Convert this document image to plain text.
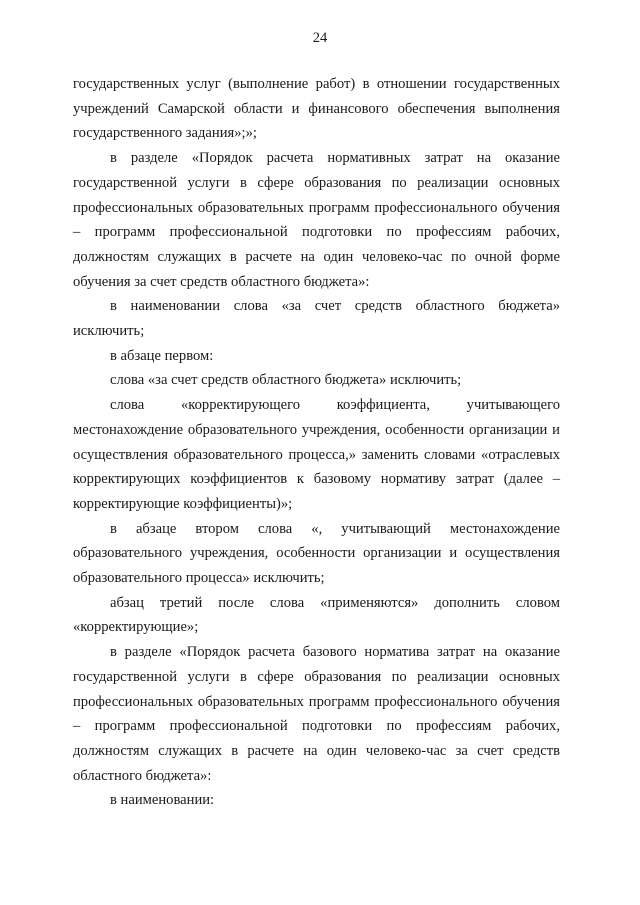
24

государственных услуг (выполнение работ) в отношении государственных учреждений Самарской области и финансового обеспечения выполнения государственного задания»;»;

в разделе «Порядок расчета нормативных затрат на оказание государственной услуги в сфере образования по реализации основных профессиональных образовательных программ профессионального обучения – программ профессиональной подготовки по профессиям рабочих, должностям служащих в расчете на один человеко-час по очной форме обучения за счет средств областного бюджета»:

в наименовании слова «за счет средств областного бюджета» исключить;

в абзаце первом:

слова «за счет средств областного бюджета» исключить;

слова «корректирующего коэффициента, учитывающего местонахождение образовательного учреждения, особенности организации и осуществления образовательного процесса,» заменить словами «отраслевых корректирующих коэффициентов к базовому нормативу затрат (далее – корректирующие коэффициенты)»;

в абзаце втором слова «, учитывающий местонахождение образовательного учреждения, особенности организации и осуществления образовательного процесса» исключить;

абзац третий после слова «применяются» дополнить словом «корректирующие»;

в разделе «Порядок расчета базового норматива затрат на оказание государственной услуги в сфере образования по реализации основных профессиональных образовательных программ профессионального обучения – программ профессиональной подготовки по профессиям рабочих, должностям служащих в расчете на один человеко-час за счет средств областного бюджета»:

в наименовании:
